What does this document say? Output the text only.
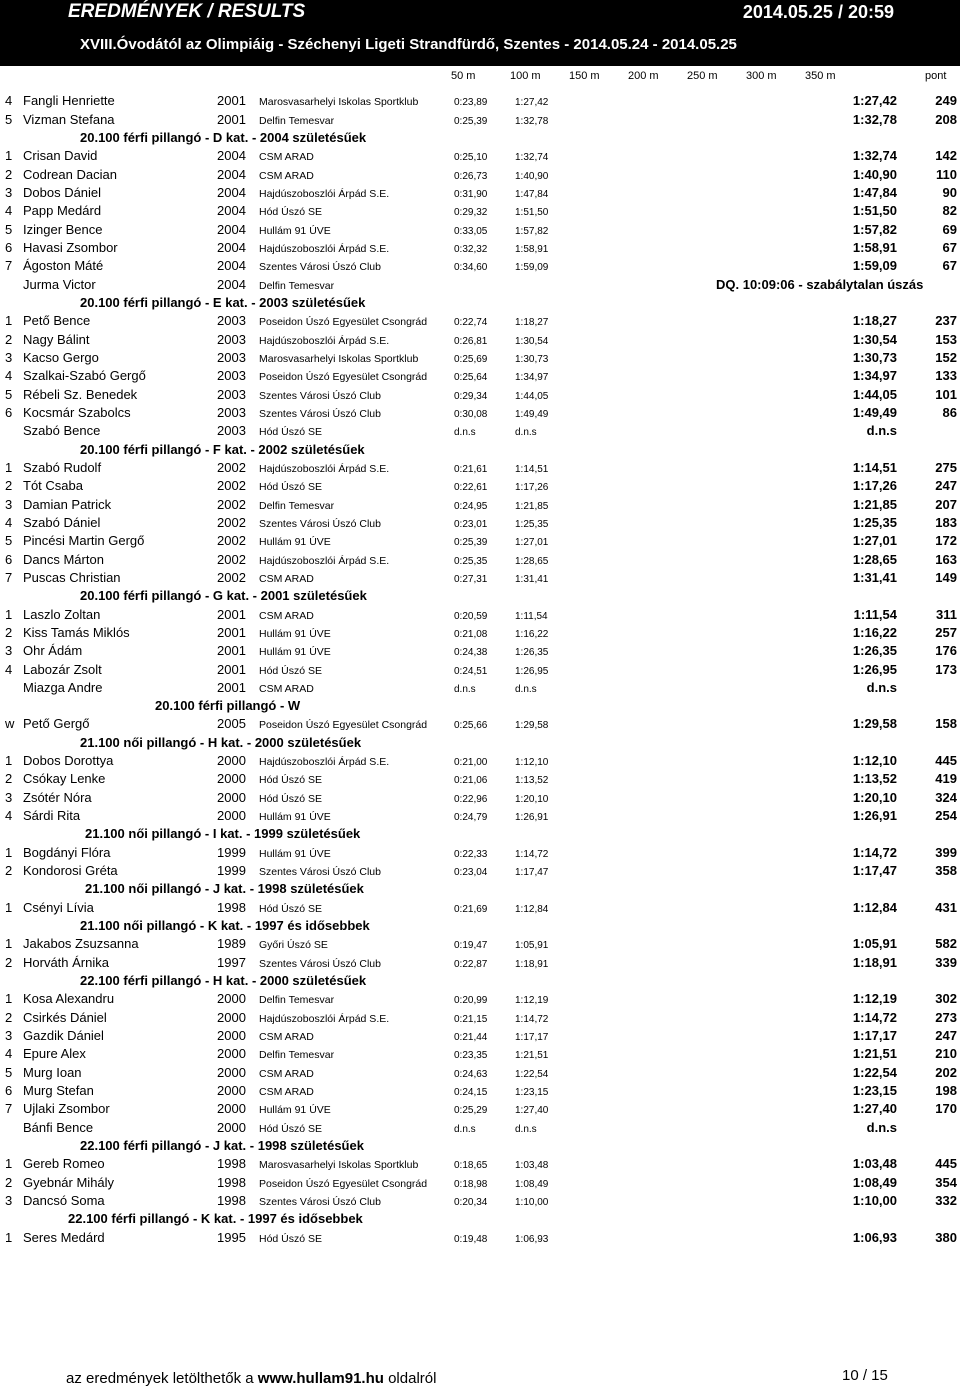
EREDMÉNYEK / RESULTS	2014.05.25 / 20:59
XVIII.Óvodától az Olimpiáig - Széchenyi Ligeti Strandfürdő, Szentes - 2014.05.24 - 2014.05.25
50 m	100 m	150 m	200 m	250 m	300 m	350 m	pont
4 Fangli Henriette	2001 Marosvasarhelyi Iskolas Sportklub	0:23,89	1:27,42	1:27,42	249
5 Vizman Stefana	2001 Delfin Temesvar	0:25,39	1:32,78	1:32,78	208
20.100 férfi pillangó - D kat. - 2004 születésűek
1 Crisan David	2004 CSM ARAD	0:25,10	1:32,74	1:32,74	142
2 Codrean Dacian	2004 CSM ARAD	0:26,73	1:40,90	1:40,90	110
3 Dobos Dániel	2004 Hajdúszoboszlói Árpád S.E.	0:31,90	1:47,84	1:47,84	90
4 Papp Medárd	2004 Hód Úszó SE	0:29,32	1:51,50	1:51,50	82
5 Izinger Bence	2004 Hullám 91 ÚVE	0:33,05	1:57,82	1:57,82	69
6 Havasi Zsombor	2004 Hajdúszoboszlói Árpád S.E.	0:32,32	1:58,91	1:58,91	67
7 Ágoston Máté	2004 Szentes Városi Úszó Club	0:34,60	1:59,09	1:59,09	67
Jurma Victor	2004 Delfin Temesvar	DQ. 10:09:06 - szabálytalan úszás
20.100 férfi pillangó - E kat. - 2003 születésűek
1 Pető Bence	2003 Poseidon Úszó Egyesület Csongrád	0:22,74	1:18,27	1:18,27	237
2 Nagy Bálint	2003 Hajdúszoboszlói Árpád S.E.	0:26,81	1:30,54	1:30,54	153
3 Kacso Gergo	2003 Marosvasarhelyi Iskolas Sportklub	0:25,69	1:30,73	1:30,73	152
4 Szalkai-Szabó Gergő	2003 Poseidon Úszó Egyesület Csongrád	0:25,64	1:34,97	1:34,97	133
5 Rébeli Sz. Benedek	2003 Szentes Városi Úszó Club	0:29,34	1:44,05	1:44,05	101
6 Kocsmár Szabolcs	2003 Szentes Városi Úszó Club	0:30,08	1:49,49	1:49,49	86
Szabó Bence	2003 Hód Úszó SE	d.n.s	d.n.s	d.n.s
20.100 férfi pillangó - F kat. - 2002 születésűek
1 Szabó Rudolf	2002 Hajdúszoboszlói Árpád S.E.	0:21,61	1:14,51	1:14,51	275
2 Tót Csaba	2002 Hód Úszó SE	0:22,61	1:17,26	1:17,26	247
3 Damian Patrick	2002 Delfin Temesvar	0:24,95	1:21,85	1:21,85	207
4 Szabó Dániel	2002 Szentes Városi Úszó Club	0:23,01	1:25,35	1:25,35	183
5 Pincési Martin Gergő	2002 Hullám 91 ÚVE	0:25,39	1:27,01	1:27,01	172
6 Dancs Márton	2002 Hajdúszoboszlói Árpád S.E.	0:25,35	1:28,65	1:28,65	163
7 Puscas Christian	2002 CSM ARAD	0:27,31	1:31,41	1:31,41	149
20.100 férfi pillangó - G kat. - 2001 születésűek
1 Laszlo Zoltan	2001 CSM ARAD	0:20,59	1:11,54	1:11,54	311
2 Kiss Tamás Miklós	2001 Hullám 91 ÚVE	0:21,08	1:16,22	1:16,22	257
3 Ohr Ádám	2001 Hullám 91 ÚVE	0:24,38	1:26,35	1:26,35	176
4 Labozár Zsolt	2001 Hód Úszó SE	0:24,51	1:26,95	1:26,95	173
Miazga Andre	2001 CSM ARAD	d.n.s	d.n.s	d.n.s
20.100 férfi pillangó - W
w Pető Gergő	2005 Poseidon Úszó Egyesület Csongrád	0:25,66	1:29,58	1:29,58	158
21.100 női pillangó - H kat. - 2000 születésűek
1 Dobos Dorottya	2000 Hajdúszoboszlói Árpád S.E.	0:21,00	1:12,10	1:12,10	445
2 Csókay Lenke	2000 Hód Úszó SE	0:21,06	1:13,52	1:13,52	419
3 Zsótér Nóra	2000 Hód Úszó SE	0:22,96	1:20,10	1:20,10	324
4 Sárdi Rita	2000 Hullám 91 ÚVE	0:24,79	1:26,91	1:26,91	254
21.100 női pillangó - I kat. - 1999 születésűek
1 Bogdányi Flóra	1999 Hullám 91 ÚVE	0:22,33	1:14,72	1:14,72	399
2 Kondorosi Gréta	1999 Szentes Városi Úszó Club	0:23,04	1:17,47	1:17,47	358
21.100 női pillangó - J kat. - 1998 születésűek
1 Csényi Lívia	1998 Hód Úszó SE	0:21,69	1:12,84	1:12,84	431
21.100 női pillangó - K kat. - 1997 és idősebbek
1 Jakabos Zsuzsanna	1989 Győri Úszó SE	0:19,47	1:05,91	1:05,91	582
2 Horváth Árnika	1997 Szentes Városi Úszó Club	0:22,87	1:18,91	1:18,91	339
22.100 férfi pillangó - H kat. - 2000 születésűek
1 Kosa Alexandru	2000 Delfin Temesvar	0:20,99	1:12,19	1:12,19	302
2 Csirkés Dániel	2000 Hajdúszoboszlói Árpád S.E.	0:21,15	1:14,72	1:14,72	273
3 Gazdik Dániel	2000 CSM ARAD	0:21,44	1:17,17	1:17,17	247
4 Epure Alex	2000 Delfin Temesvar	0:23,35	1:21,51	1:21,51	210
5 Murg Ioan	2000 CSM ARAD	0:24,63	1:22,54	1:22,54	202
6 Murg Stefan	2000 CSM ARAD	0:24,15	1:23,15	1:23,15	198
7 Ujlaki Zsombor	2000 Hullám 91 ÚVE	0:25,29	1:27,40	1:27,40	170
Bánfi Bence	2000 Hód Úszó SE	d.n.s	d.n.s	d.n.s
22.100 férfi pillangó - J kat. - 1998 születésűek
1 Gereb Romeo	1998 Marosvasarhelyi Iskolas Sportklub	0:18,65	1:03,48	1:03,48	445
2 Gyebnár Mihály	1998 Poseidon Úszó Egyesület Csongrád	0:18,98	1:08,49	1:08,49	354
3 Dancsó Soma	1998 Szentes Városi Úszó Club	0:20,34	1:10,00	1:10,00	332
22.100 férfi pillangó - K kat. - 1997 és idősebbek
1 Seres Medárd	1995 Hód Úszó SE	0:19,48	1:06,93	1:06,93	380
az eredmények letölthetők a www.hullam91.hu oldalról	10 / 15
